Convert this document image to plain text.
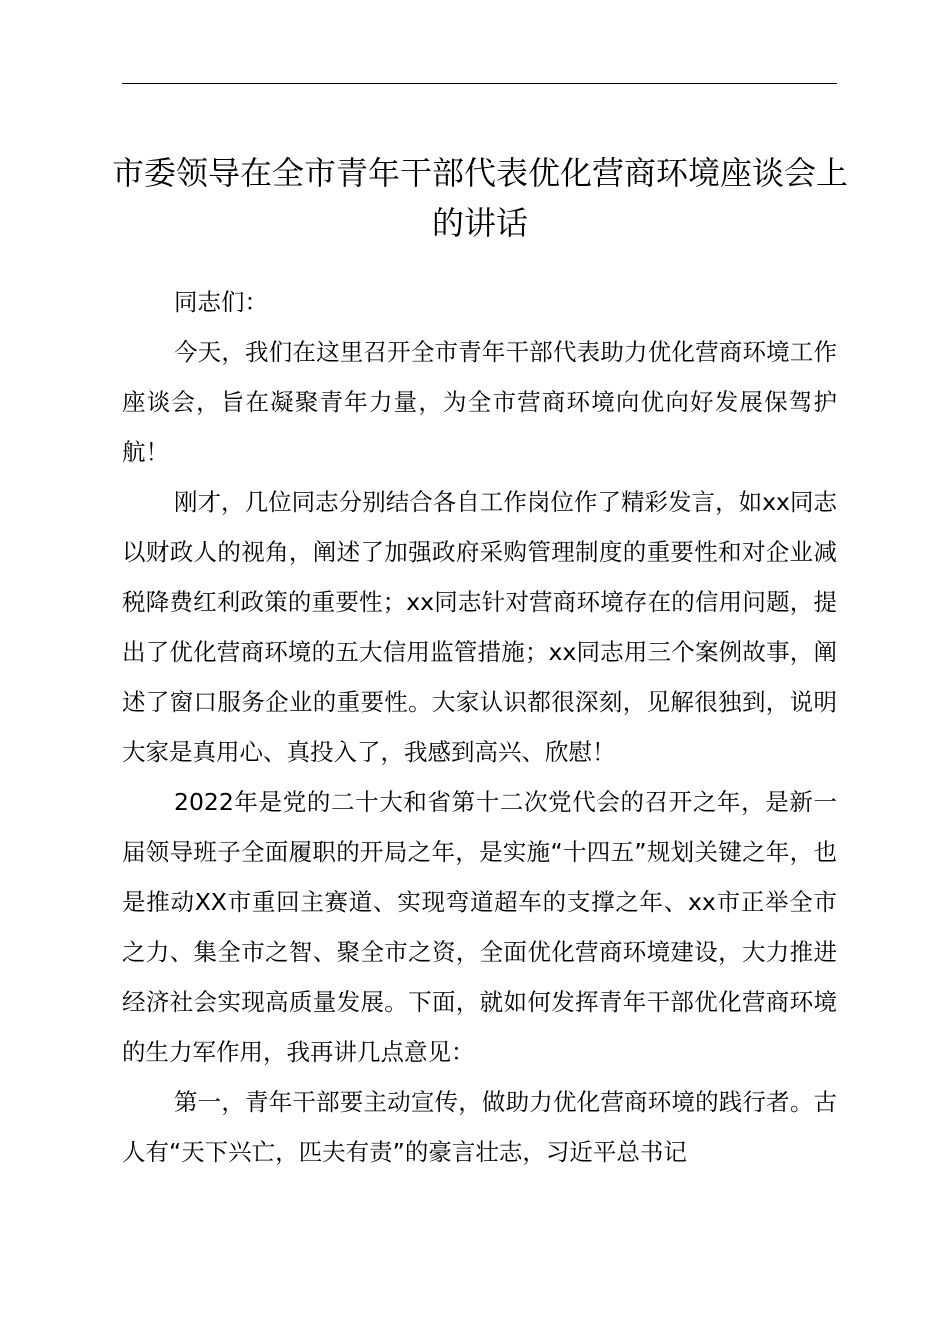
市委领导在全市青年干部代表优化营商环境座谈会上的讲话

同志们：

今天，我们在这里召开全市青年干部代表助力优化营商环境工作座谈会，旨在凝聚青年力量，为全市营商环境向优向好发展保驾护航！

刚才，几位同志分别结合各自工作岗位作了精彩发言，如xx同志以财政人的视角，阐述了加强政府采购管理制度的重要性和对企业减税降费红利政策的重要性；xx同志针对营商环境存在的信用问题，提出了优化营商环境的五大信用监管措施；xx同志用三个案例故事，阐述了窗口服务企业的重要性。大家认识都很深刻，见解很独到，说明大家是真用心、真投入了，我感到高兴、欣慰！

2022年是党的二十大和省第十二次党代会的召开之年，是新一届领导班子全面履职的开局之年，是实施“十四五”规划关键之年，也是推动XX市重回主赛道、实现弯道超车的支撑之年、xx市正举全市之力、集全市之智、聚全市之资，全面优化营商环境建设，大力推进经济社会实现高质量发展。下面，就如何发挥青年干部优化营商环境的生力军作用，我再讲几点意见：

第一，青年干部要主动宣传，做助力优化营商环境的践行者。古人有“天下兴亡，匹夫有责”的豪言壮志，习近平总书记
